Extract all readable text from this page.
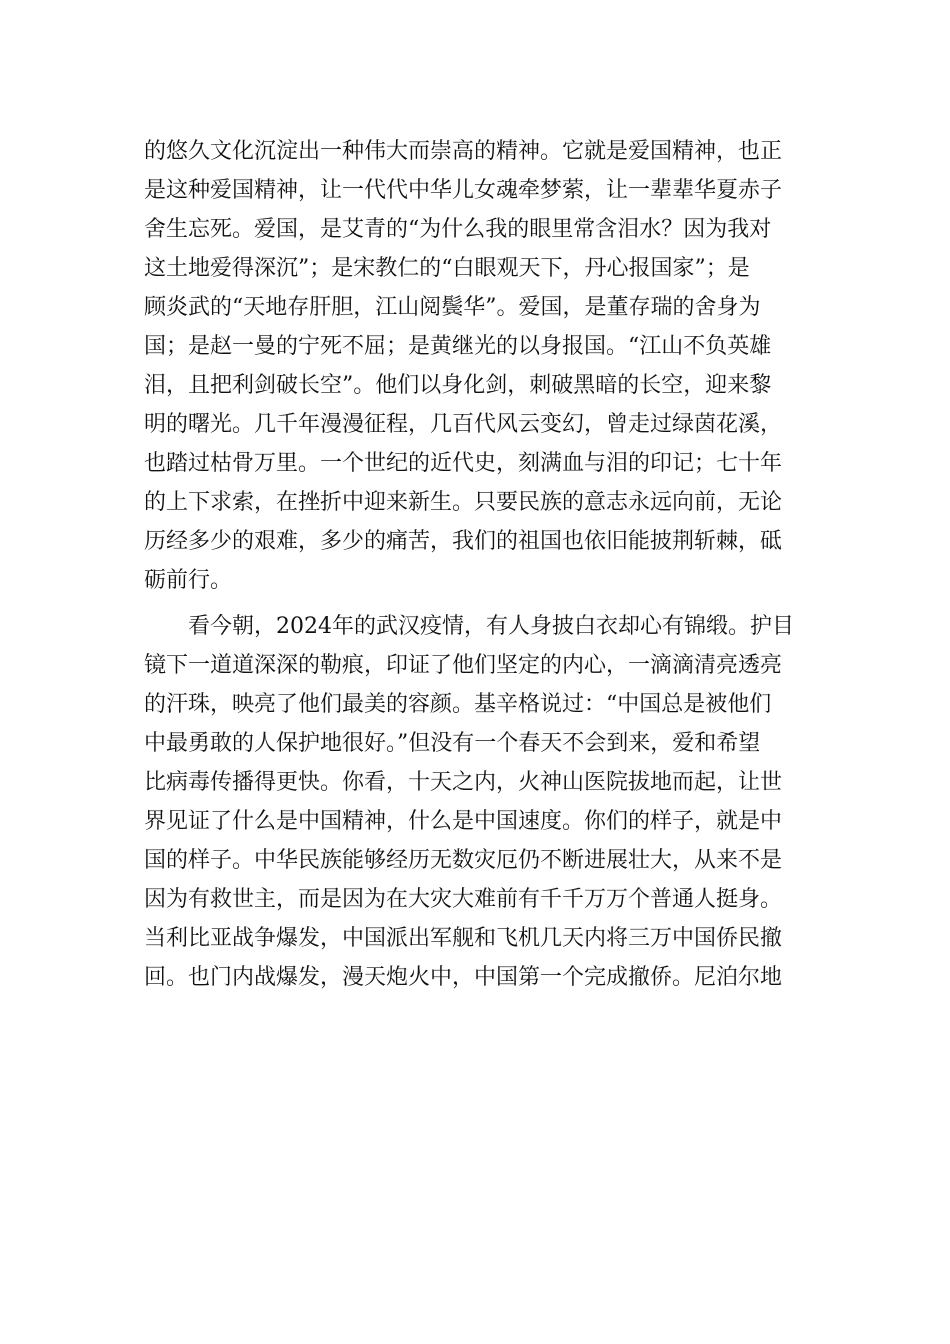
的悠久文化沉淀出一种伟大而崇高的精神。它就是爱国精神，也正
是这种爱国精神，让一代代中华儿女魂牵梦萦，让一辈辈华夏赤子
舍生忘死。爱国，是艾青的“为什么我的眼里常含泪水？因为我对
这土地爱得深沉”；是宋教仁的“白眼观天下，丹心报国家”；是
顾炎武的“天地存肝胆，江山阅鬓华”。爱国，是董存瑞的舍身为
国；是赵一曼的宁死不屈；是黄继光的以身报国。“江山不负英雄
泪，且把利剑破长空”。他们以身化剑，刺破黑暗的长空，迎来黎
明的曙光。几千年漫漫征程，几百代风云变幻，曾走过绿茵花溪，
也踏过枯骨万里。一个世纪的近代史，刻满血与泪的印记；七十年
的上下求索，在挫折中迎来新生。只要民族的意志永远向前，无论
历经多少的艰难，多少的痛苦，我们的祖国也依旧能披荆斩棘，砥
砺前行。
看今朝，2024年的武汉疫情，有人身披白衣却心有锦缎。护目
镜下一道道深深的勒痕，印证了他们坚定的内心，一滴滴清亮透亮
的汗珠，映亮了他们最美的容颜。基辛格说过：“中国总是被他们
中最勇敢的人保护地很好。”但没有一个春天不会到来，爱和希望
比病毒传播得更快。你看，十天之内，火神山医院拔地而起，让世
界见证了什么是中国精神，什么是中国速度。你们的样子，就是中
国的样子。中华民族能够经历无数灾厄仍不断进展壮大，从来不是
因为有救世主，而是因为在大灾大难前有千千万万个普通人挺身。
当利比亚战争爆发，中国派出军舰和飞机几天内将三万中国侨民撤
回。也门内战爆发，漫天炮火中，中国第一个完成撤侨。尼泊尔地
